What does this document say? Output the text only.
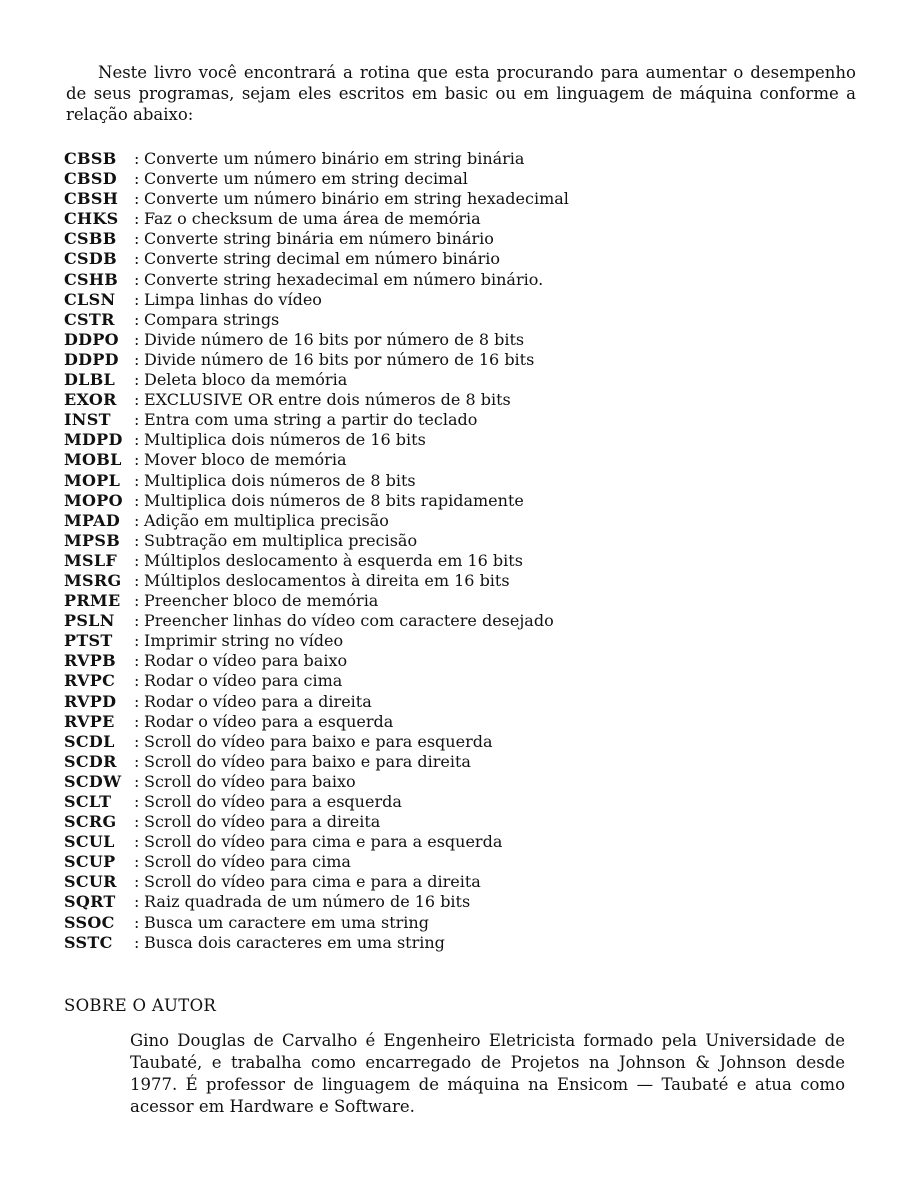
Neste livro você encontrará a rotina que esta procurando para aumentar o desempenho de seus programas, sejam eles escritos em basic ou em linguagem de máquina conforme a relação abaixo:

CBSB	: Converte um número binário em string binária
CBSD	: Converte um número em string decimal
CBSH : Converte um número binário em string hexadecimal
CHKS : Faz o checksum de uma área de memória
CSBB	: Converte string binária em número binário
CSDB	: Converte string decimal em número binário
CSHB : Converte string hexadecimal em número binário.
CLSN	: Limpa linhas do vídeo
CSTR	: Compara strings
DDPO : Divide número de 16 bits por número de 8 bits
DDPD : Divide número de 16 bits por número de 16 bits
DLBL	: Deleta bloco da memória
EXOR	: EXCLUSIVE OR entre dois números de 8 bits
INST	: Entra com uma string a partir do teclado
MDPD : Multiplica dois números de 16 bits
MOBL : Mover bloco de memória
MOPL : Multiplica dois números de 8 bits
MOPO : Multiplica dois números de 8 bits rapidamente
MPAD : Adição em multiplica precisão
MPSB : Subtração em multiplica precisão
MSLF	: Múltiplos deslocamento à esquerda em 16 bits
MSRG : Múltiplos deslocamentos à direita em 16 bits
PRME : Preencher bloco de memória
PSLN	: Preencher linhas do vídeo com caractere desejado
PTST	: Imprimir string no vídeo
RVPB	: Rodar o vídeo para baixo
RVPC	: Rodar o vídeo para cima
RVPD	: Rodar o vídeo para a direita
RVPE	: Rodar o vídeo para a esquerda
SCDL	: Scroll do vídeo para baixo e para esquerda
SCDR	: Scroll do vídeo para baixo e para direita
SCDW : Scroll do vídeo para baixo
SCLT	: Scroll do vídeo para a esquerda
SCRG	: Scroll do vídeo para a direita
SCUL	: Scroll do vídeo para cima e para a esquerda
SCUP	: Scroll do vídeo para cima
SCUR	: Scroll do vídeo para cima e para a direita
SQRT	: Raiz quadrada de um número de 16 bits
SSOC	: Busca um caractere em uma string
SSTC	: Busca dois caracteres em uma string
SOBRE O AUTOR

Gino Douglas de Carvalho é Engenheiro Eletricista formado pela Universidade de Taubaté, e trabalha como encarregado de Projetos na Johnson & Johnson desde 1977. É professor de linguagem de máquina na Ensicom — Taubaté e atua como acessor em Hardware e Software.
